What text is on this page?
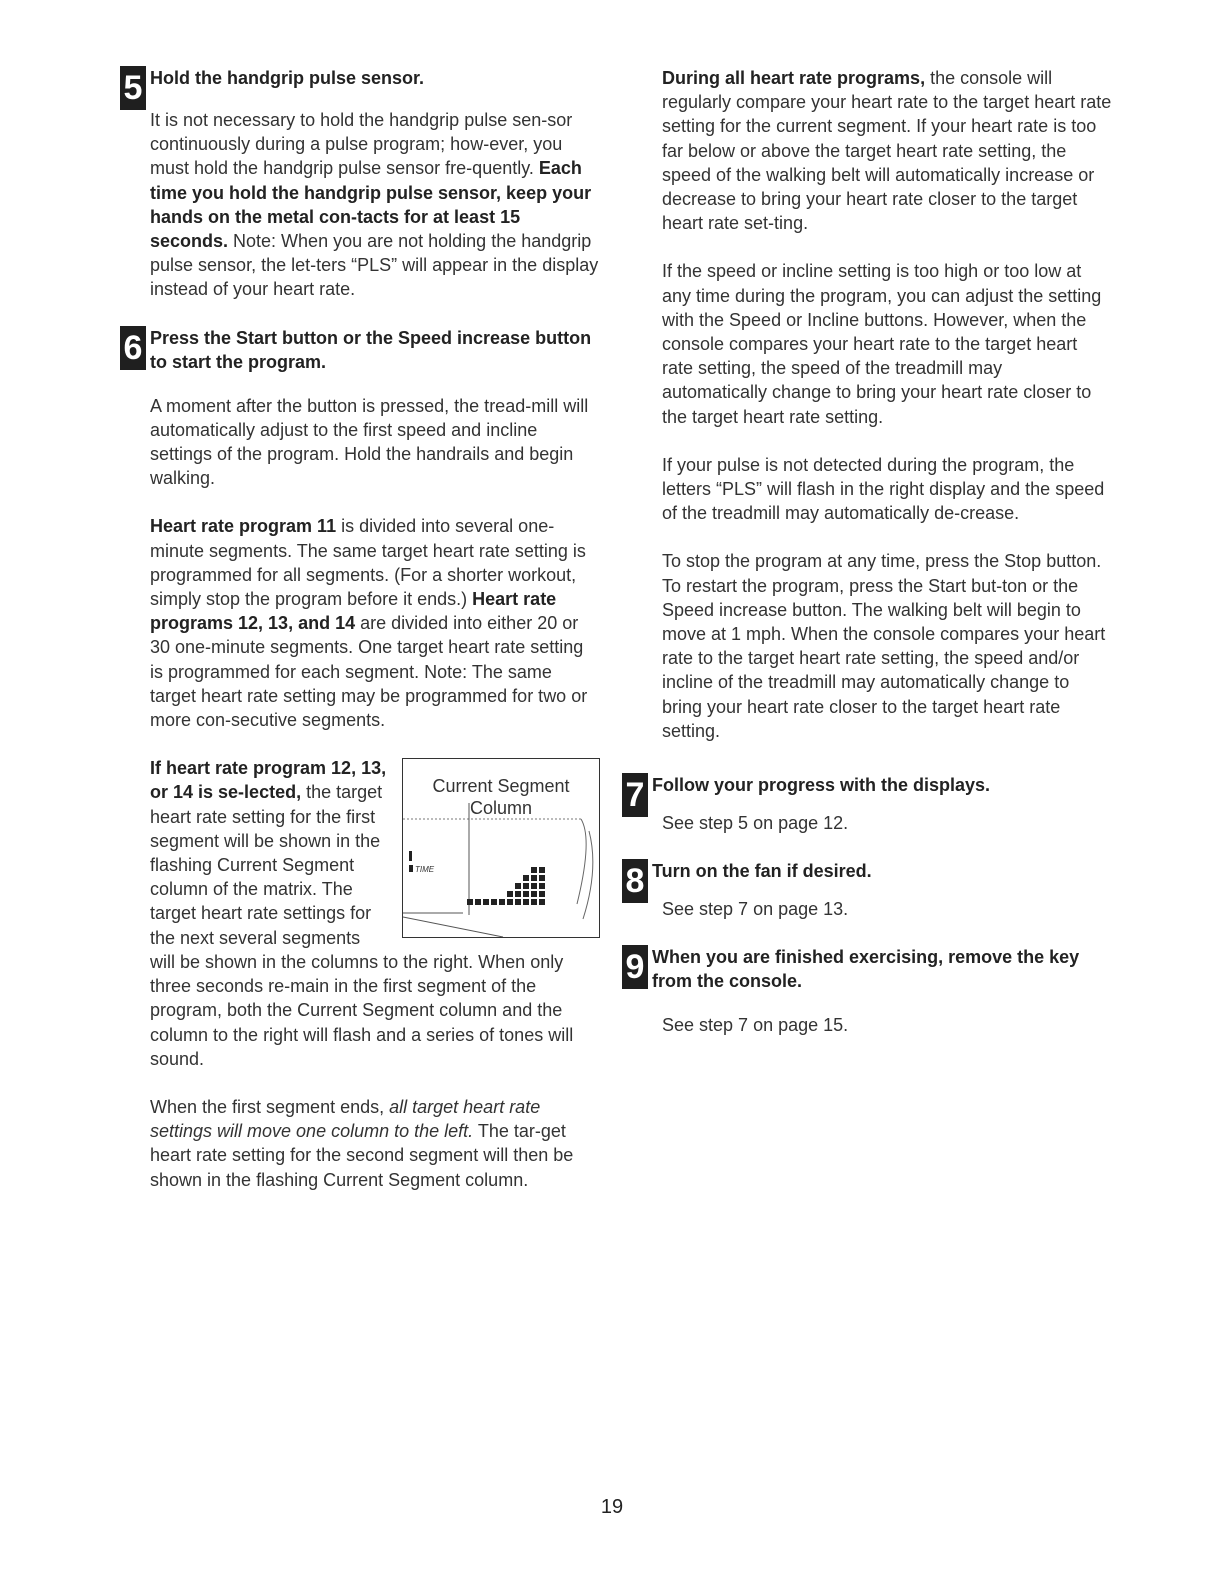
5 Hold the handgrip pulse sensor.

It is not necessary to hold the handgrip pulse sen-sor continuously during a pulse program; how-ever, you must hold the handgrip pulse sensor fre-quently. Each time you hold the handgrip pulse sensor, keep your hands on the metal con-tacts for at least 15 seconds. Note: When you are not holding the handgrip pulse sensor, the let-ters “PLS” will appear in the display instead of your heart rate.

6 Press the Start button or the Speed increase button to start the program.

A moment after the button is pressed, the tread-mill will automatically adjust to the first speed and incline settings of the program. Hold the handrails and begin walking.

Heart rate program 11 is divided into several one-minute segments. The same target heart rate setting is programmed for all segments. (For a shorter workout, simply stop the program before it ends.) Heart rate programs 12, 13, and 14 are divided into either 20 or 30 one-minute segments. One target heart rate setting is programmed for each segment. Note: The same target heart rate setting may be programmed for two or more con-secutive segments.

Current Segment
Column
TIME
If heart rate program 12, 13, or 14 is se-lected, the target heart rate setting for the first segment will be shown in the flashing Current Segment column of the matrix. The target heart rate settings for the next several segments will be shown in the columns to the right. When only three seconds re-main in the first segment of the program, both the Current Segment column and the column to the right will flash and a series of tones will sound.

When the first segment ends, all target heart rate settings will move one column to the left. The tar-get heart rate setting for the second segment will then be shown in the flashing Current Segment column.

During all heart rate programs, the console will regularly compare your heart rate to the target heart rate setting for the current segment. If your heart rate is too far below or above the target heart rate setting, the speed of the walking belt will automatically increase or decrease to bring your heart rate closer to the target heart rate set-ting.

If the speed or incline setting is too high or too low at any time during the program, you can adjust the setting with the Speed or Incline buttons. However, when the console compares your heart rate to the target heart rate setting, the speed of the treadmill may automatically change to bring your heart rate closer to the target heart rate setting.

If your pulse is not detected during the program, the letters “PLS” will flash in the right display and the speed of the treadmill may automatically de-crease.

To stop the program at any time, press the Stop button. To restart the program, press the Start but-ton or the Speed increase button. The walking belt will begin to move at 1 mph. When the console compares your heart rate to the target heart rate setting, the speed and/or incline of the treadmill may automatically change to bring your heart rate closer to the target heart rate setting.

7 Follow your progress with the displays.

See step 5 on page 12.

8 Turn on the fan if desired.

See step 7 on page 13.

9 When you are finished exercising, remove the key from the console.

See step 7 on page 15.

19
